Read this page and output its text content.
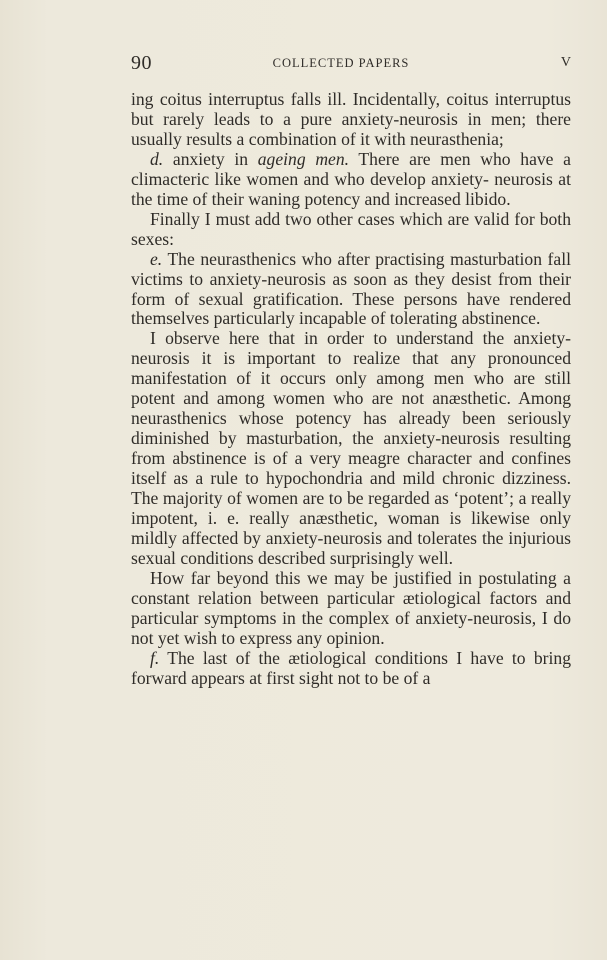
90	COLLECTED PAPERS	V

ing coitus interruptus falls ill. Incidentally, coitus interruptus but rarely leads to a pure anxiety-neurosis in men; there usually results a combination of it with neurasthenia;

d. anxiety in ageing men. There are men who have a climacteric like women and who develop anxiety- neurosis at the time of their waning potency and increased libido.

Finally I must add two other cases which are valid for both sexes:

e. The neurasthenics who after practising masturbation fall victims to anxiety-neurosis as soon as they desist from their form of sexual gratification. These persons have rendered themselves particularly incapable of tolerating abstinence.

I observe here that in order to understand the anxiety-neurosis it is important to realize that any pronounced manifestation of it occurs only among men who are still potent and among women who are not anæsthetic. Among neurasthenics whose potency has already been seriously diminished by masturbation, the anxiety-neurosis resulting from abstinence is of a very meagre character and confines itself as a rule to hypochondria and mild chronic dizziness. The majority of women are to be regarded as ‘potent’; a really impotent, i. e. really anæsthetic, woman is likewise only mildly affected by anxiety-neurosis and tolerates the injurious sexual conditions described surprisingly well.

How far beyond this we may be justified in postulating a constant relation between particular ætiological factors and particular symptoms in the complex of anxiety-neurosis, I do not yet wish to express any opinion.

f. The last of the ætiological conditions I have to bring forward appears at first sight not to be of a
